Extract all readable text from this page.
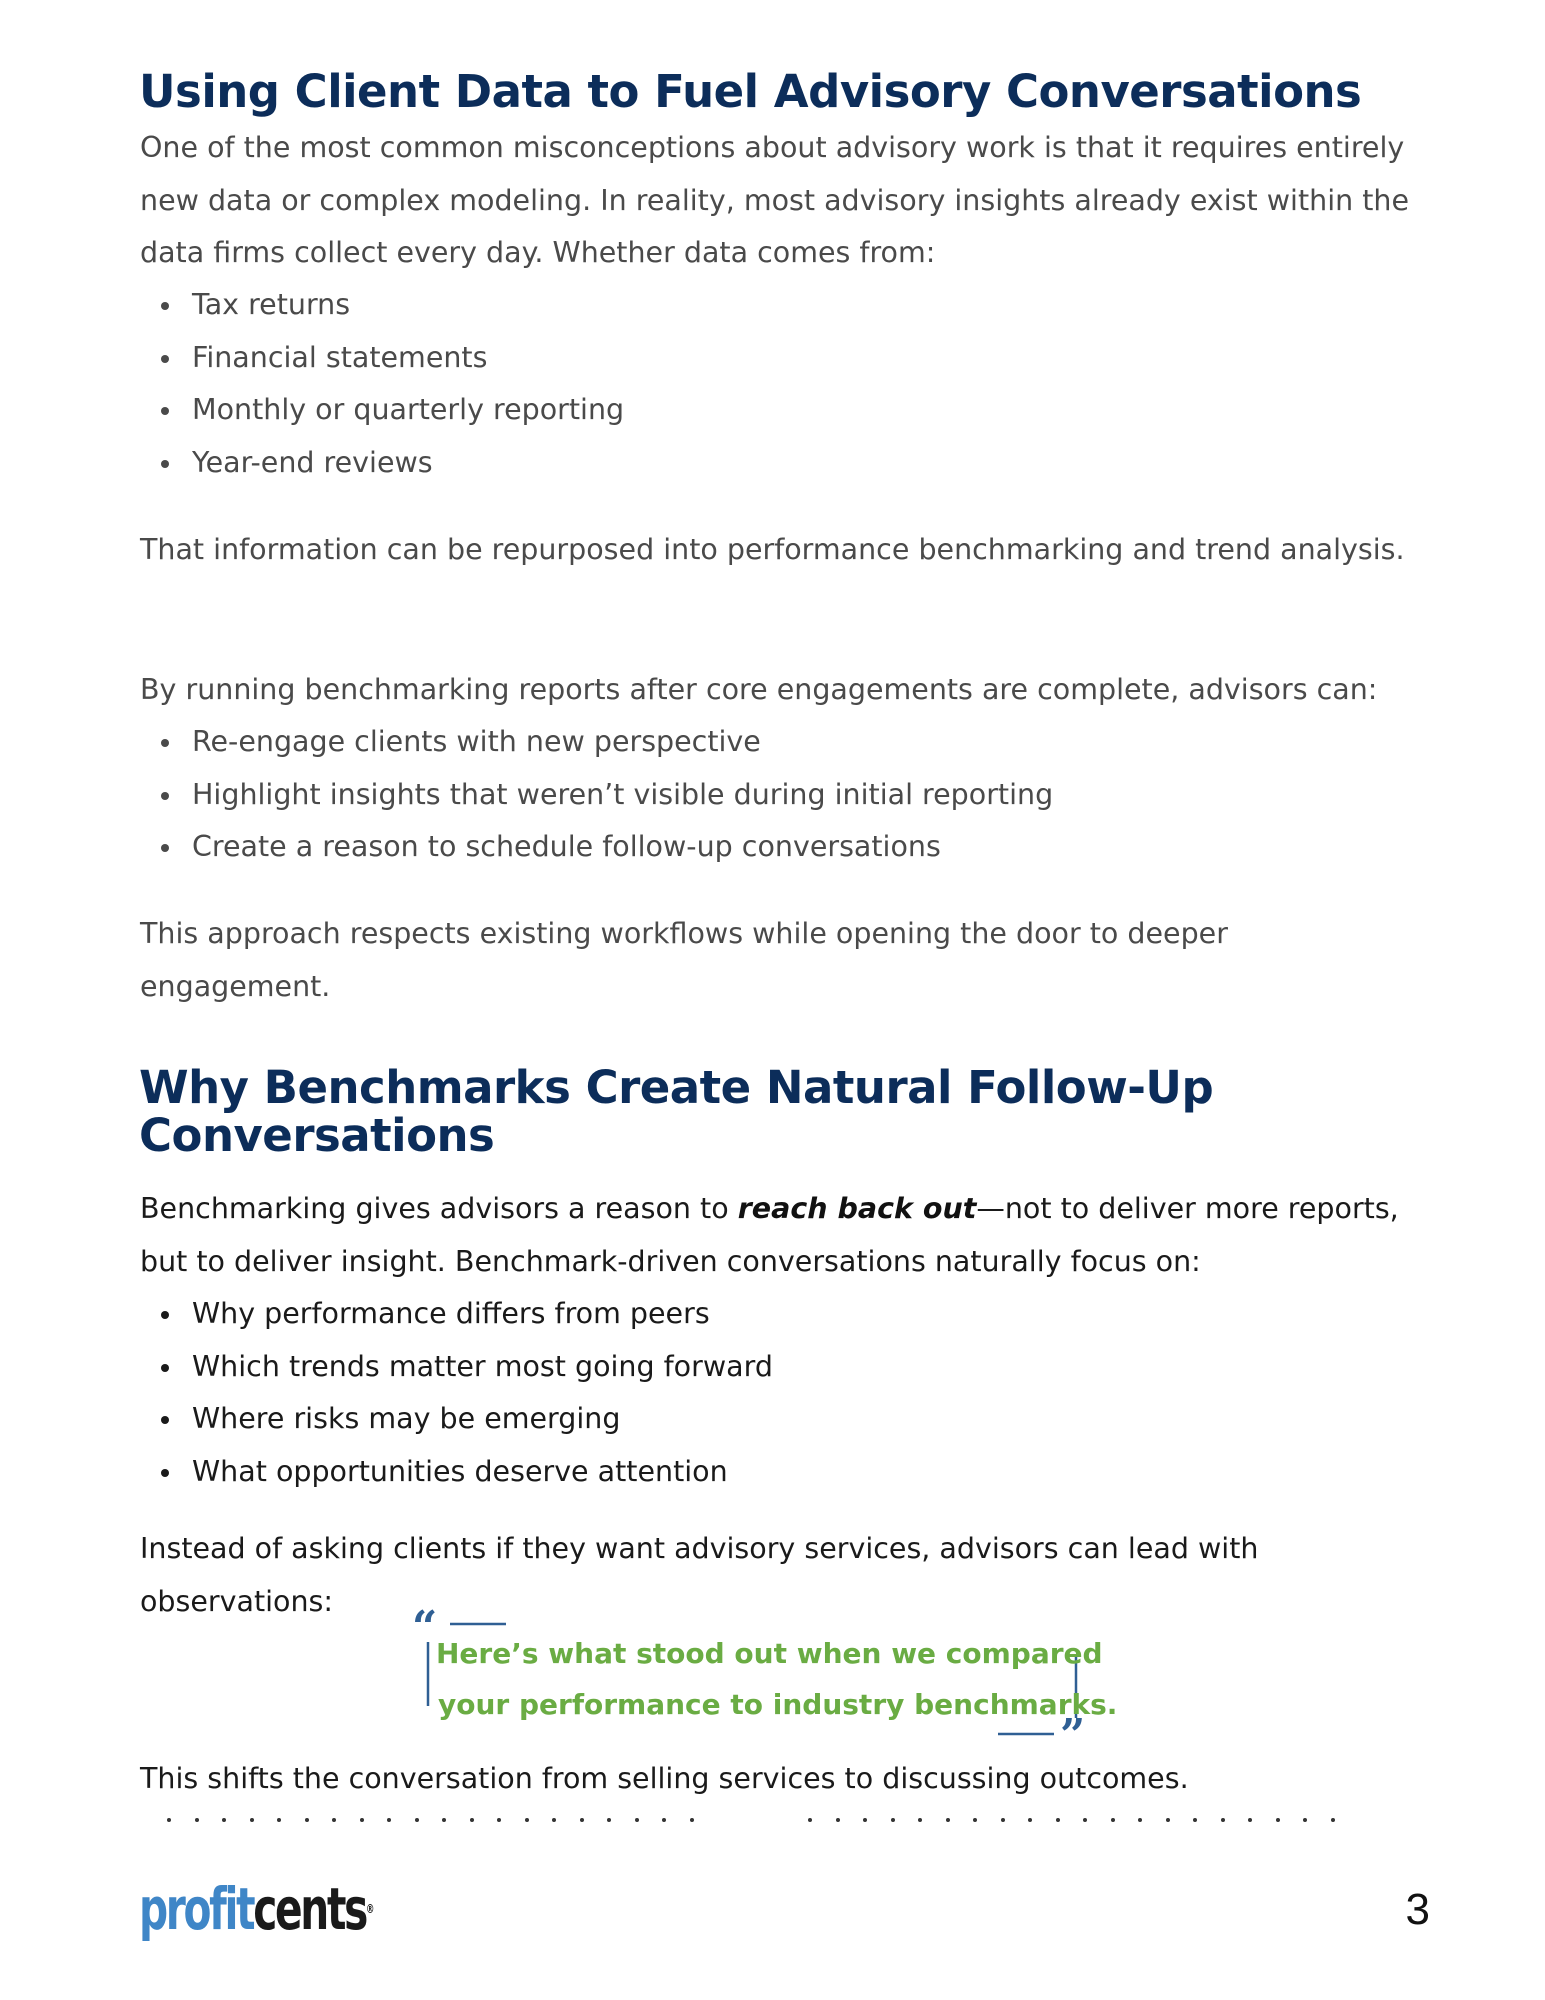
Using Client Data to Fuel Advisory Conversations

One of the most common misconceptions about advisory work is that it requires entirely new data or complex modeling. In reality, most advisory insights already exist within the data firms collect every day. Whether data comes from:

Tax returns
Financial statements
Monthly or quarterly reporting
Year-end reviews

That information can be repurposed into performance benchmarking and trend analysis.

By running benchmarking reports after core engagements are complete, advisors can:

Re-engage clients with new perspective
Highlight insights that weren’t visible during initial reporting
Create a reason to schedule follow-up conversations

This approach respects existing workflows while opening the door to deeper engagement.

Why Benchmarks Create Natural Follow-Up Conversations

Benchmarking gives advisors a reason to reach back out—not to deliver more reports, but to deliver insight. Benchmark-driven conversations naturally focus on:

Why performance differs from peers
Which trends matter most going forward
Where risks may be emerging
What opportunities deserve attention

Instead of asking clients if they want advisory services, advisors can lead with observations:

“
”

Here’s what stood out when we compared
your performance to industry benchmarks.

This shifts the conversation from selling services to discussing outcomes.

profitcents®	3
